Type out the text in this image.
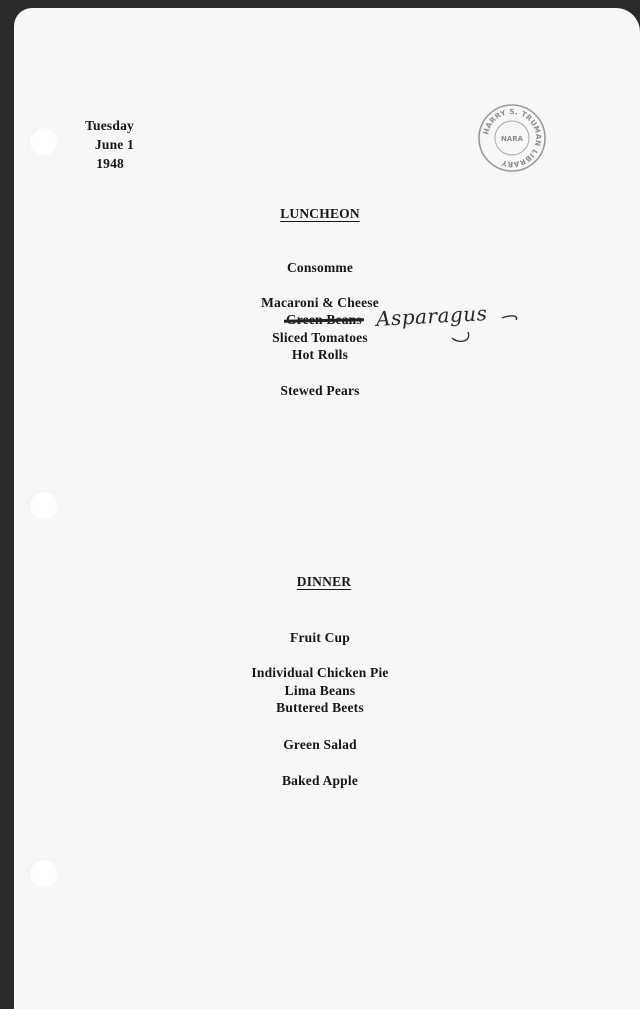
Tuesday
June 1
1948
HARRY S. TRUMAN LIBRARY
NARA
LUNCHEON
Consomme
Macaroni & Cheese
Asparagus
Sliced Tomatoes
Hot Rolls
Stewed Pears
DINNER
Fruit Cup
Individual Chicken Pie
Lima Beans
Buttered Beets
Green Salad
Baked Apple
